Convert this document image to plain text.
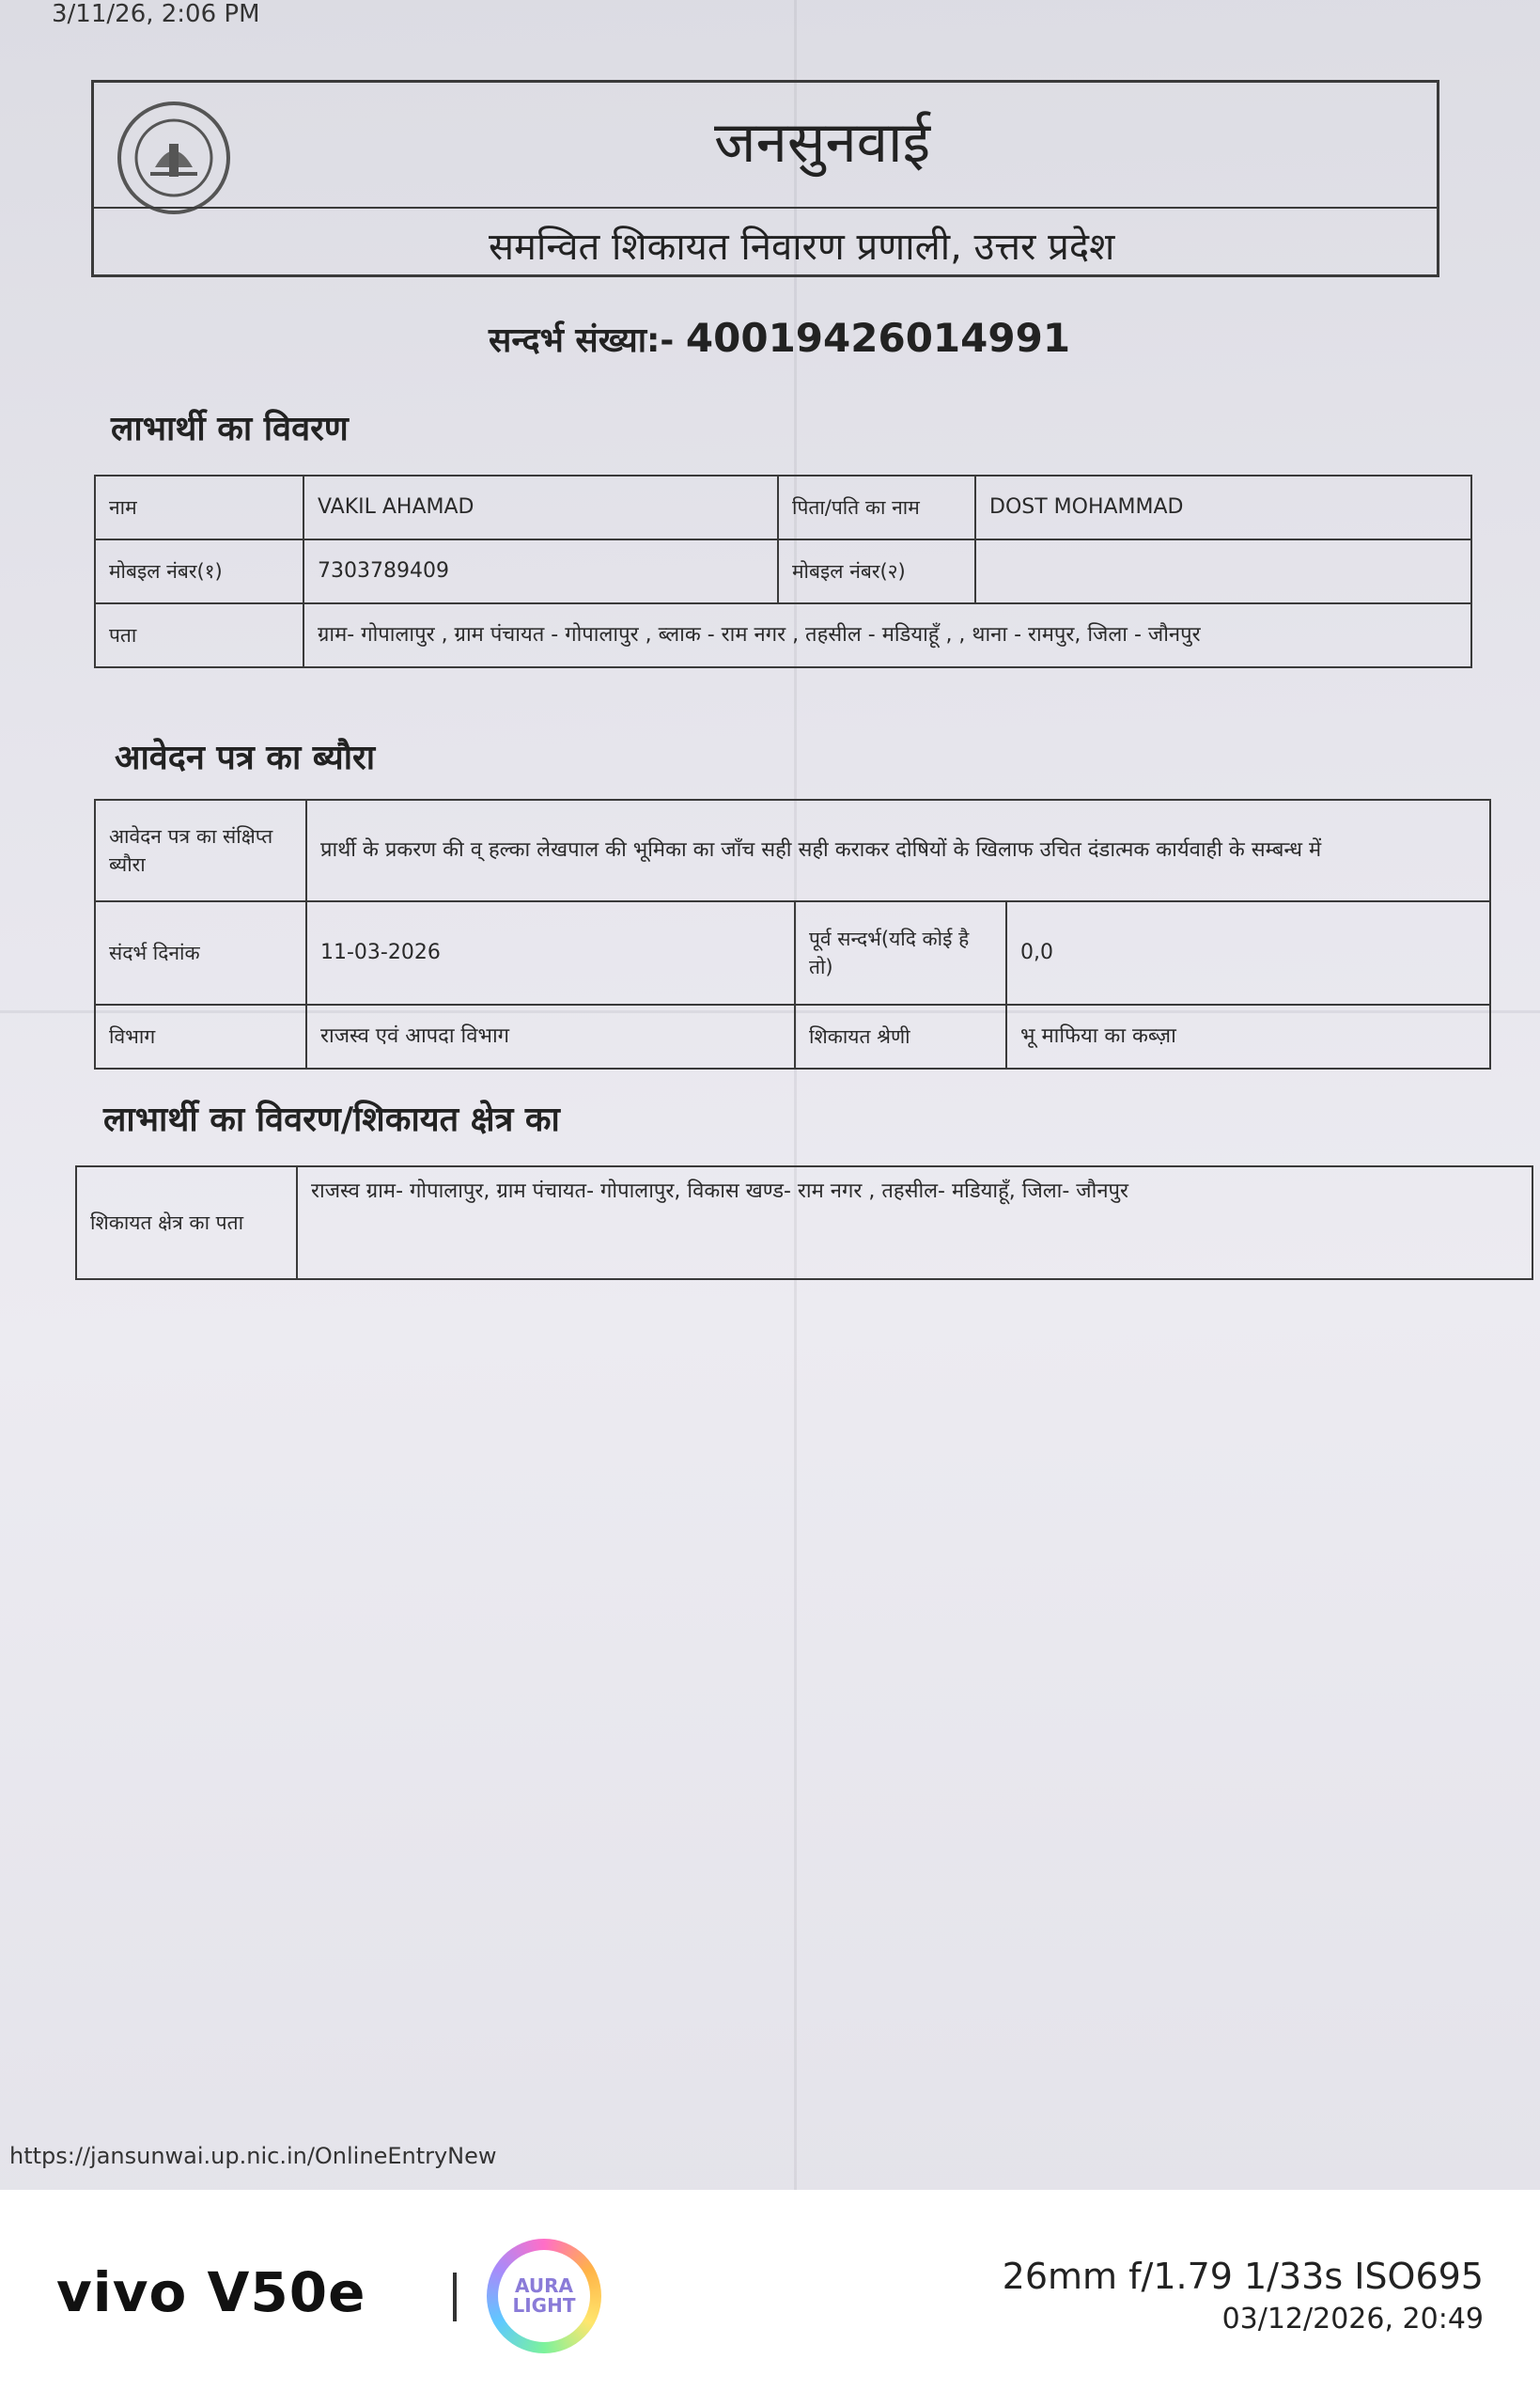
3/11/26, 2:06 PM
जनसुनवाई
समन्वित शिकायत निवारण प्रणाली, उत्तर प्रदेश
सन्दर्भ संख्या:- 40019426014991
लाभार्थी का विवरण
नाम	VAKIL AHAMAD	पिता/पति का नाम	DOST MOHAMMAD
मोबइल नंबर(१)	7303789409	मोबइल नंबर(२)	
पता	ग्राम- गोपालापुर , ग्राम पंचायत - गोपालापुर , ब्लाक - राम नगर , तहसील - मडियाहूँ , , थाना - रामपुर, जिला - जौनपुर		
आवेदन पत्र का ब्यौरा
आवेदन पत्र का संक्षिप्त ब्यौरा	प्रार्थी के प्रकरण की व् हल्का लेखपाल की भूमिका का जाँच सही सही कराकर दोषियों के खिलाफ उचित दंडात्मक कार्यवाही के सम्बन्ध में		
संदर्भ दिनांक	11-03-2026	पूर्व सन्दर्भ(यदि कोई है तो)	0,0
विभाग	राजस्व एवं आपदा विभाग	शिकायत श्रेणी	भू माफिया का कब्ज़ा
लाभार्थी का विवरण/शिकायत क्षेत्र का
शिकायत क्षेत्र का पता	राजस्व ग्राम- गोपालापुर, ग्राम पंचायत- गोपालापुर, विकास खण्ड- राम नगर , तहसील- मडियाहूँ, जिला- जौनपुर
https://jansunwai.up.nic.in/OnlineEntryNew
vivo V50e	AURA
LIGHT
26mm f/1.79 1/33s ISO695
03/12/2026, 20:49
